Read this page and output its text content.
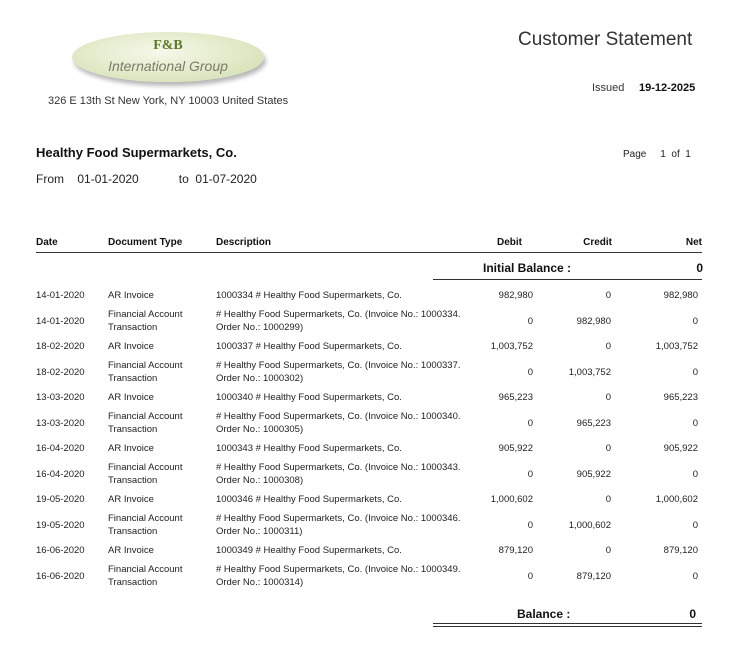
F&B
International Group
326 E 13th St New York, NY 10003 United States
Customer Statement
Issued 19-12-2025
Healthy Food Supermarkets, Co.	Page 1 of 1
From 01-01-2020	to 01-07-2020
Date	Document Type	Description	Debit	Credit	Net
Initial Balance :	0
14-01-2020	AR Invoice	1000334 # Healthy Food Supermarkets, Co.	982,980	0	982,980
14-01-2020	Financial Account Transaction	# Healthy Food Supermarkets, Co. (Invoice No.: 1000334. Order No.: 1000299)	0	982,980	0
18-02-2020	AR Invoice	1000337 # Healthy Food Supermarkets, Co.	1,003,752	0	1,003,752
18-02-2020	Financial Account Transaction	# Healthy Food Supermarkets, Co. (Invoice No.: 1000337. Order No.: 1000302)	0	1,003,752	0
13-03-2020	AR Invoice	1000340 # Healthy Food Supermarkets, Co.	965,223	0	965,223
13-03-2020	Financial Account Transaction	# Healthy Food Supermarkets, Co. (Invoice No.: 1000340. Order No.: 1000305)	0	965,223	0
16-04-2020	AR Invoice	1000343 # Healthy Food Supermarkets, Co.	905,922	0	905,922
16-04-2020	Financial Account Transaction	# Healthy Food Supermarkets, Co. (Invoice No.: 1000343. Order No.: 1000308)	0	905,922	0
19-05-2020	AR Invoice	1000346 # Healthy Food Supermarkets, Co.	1,000,602	0	1,000,602
19-05-2020	Financial Account Transaction	# Healthy Food Supermarkets, Co. (Invoice No.: 1000346. Order No.: 1000311)	0	1,000,602	0
16-06-2020	AR Invoice	1000349 # Healthy Food Supermarkets, Co.	879,120	0	879,120
16-06-2020	Financial Account Transaction	# Healthy Food Supermarkets, Co. (Invoice No.: 1000349. Order No.: 1000314)	0	879,120	0
Balance :	0
